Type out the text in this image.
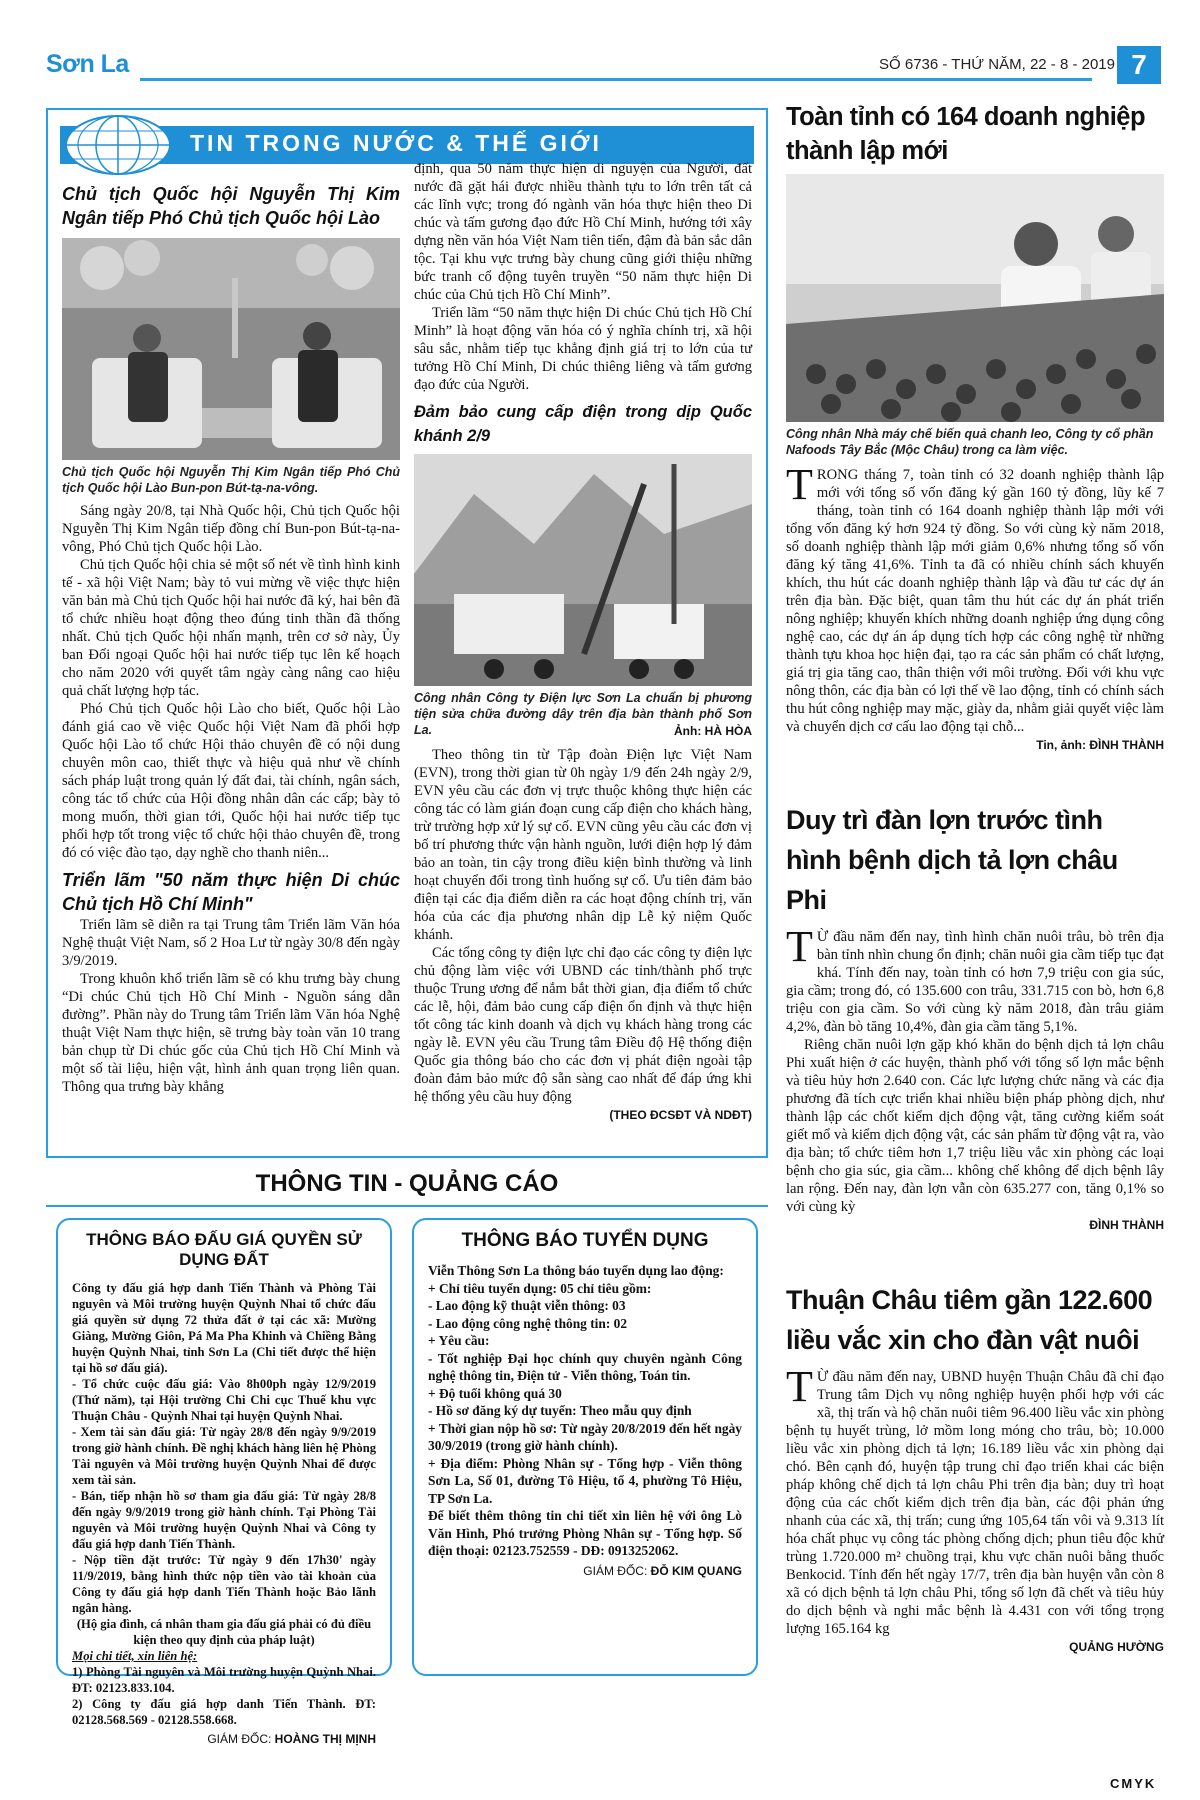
Sơn La	SỐ 6736 - THỨ NĂM, 22 - 8 - 2019 7
TIN TRONG NƯỚC & THẾ GIỚI
Chủ tịch Quốc hội Nguyễn Thị Kim Ngân tiếp Phó Chủ tịch Quốc hội Lào
Chủ tịch Quốc hội Nguyễn Thị Kim Ngân tiếp Phó Chủ tịch Quốc hội Lào Bun-pon Bút-tạ-na-vông.

Sáng ngày 20/8, tại Nhà Quốc hội, Chủ tịch Quốc hội Nguyễn Thị Kim Ngân tiếp đồng chí Bun-pon Bút-tạ-na-vông, Phó Chủ tịch Quốc hội Lào.

Chủ tịch Quốc hội chia sẻ một số nét về tình hình kinh tế - xã hội Việt Nam; bày tỏ vui mừng về việc thực hiện văn bản mà Chủ tịch Quốc hội hai nước đã ký, hai bên đã tổ chức nhiều hoạt động theo đúng tinh thần đã thống nhất. Chủ tịch Quốc hội nhấn mạnh, trên cơ sở này, Ủy ban Đối ngoại Quốc hội hai nước tiếp tục lên kế hoạch cho năm 2020 với quyết tâm ngày càng nâng cao hiệu quả chất lượng hợp tác.

Phó Chủ tịch Quốc hội Lào cho biết, Quốc hội Lào đánh giá cao về việc Quốc hội Việt Nam đã phối hợp Quốc hội Lào tổ chức Hội thảo chuyên đề có nội dung chuyên môn cao, thiết thực và hiệu quả như về chính sách pháp luật trong quản lý đất đai, tài chính, ngân sách, công tác tổ chức của Hội đồng nhân dân các cấp; bày tỏ mong muốn, thời gian tới, Quốc hội hai nước tiếp tục phối hợp tốt trong việc tổ chức hội thảo chuyên đề, trong đó có việc đào tạo, dạy nghề cho thanh niên...

Triển lãm "50 năm thực hiện Di chúc Chủ tịch Hồ Chí Minh"

Triển lãm sẽ diễn ra tại Trung tâm Triển lãm Văn hóa Nghệ thuật Việt Nam, số 2 Hoa Lư từ ngày 30/8 đến ngày 3/9/2019.

Trong khuôn khổ triển lãm sẽ có khu trưng bày chung “Di chúc Chủ tịch Hồ Chí Minh - Nguồn sáng dẫn đường”. Phần này do Trung tâm Triển lãm Văn hóa Nghệ thuật Việt Nam thực hiện, sẽ trưng bày toàn văn 10 trang bản chụp từ Di chúc gốc của Chủ tịch Hồ Chí Minh và một số tài liệu, hiện vật, hình ảnh quan trọng liên quan. Thông qua trưng bày khẳng

định, qua 50 năm thực hiện di nguyện của Người, đất nước đã gặt hái được nhiều thành tựu to lớn trên tất cả các lĩnh vực; trong đó ngành văn hóa thực hiện theo Di chúc và tấm gương đạo đức Hồ Chí Minh, hướng tới xây dựng nền văn hóa Việt Nam tiên tiến, đậm đà bản sắc dân tộc. Tại khu vực trưng bày chung cũng giới thiệu những bức tranh cổ động tuyên truyền “50 năm thực hiện Di chúc của Chủ tịch Hồ Chí Minh”.

Triển lãm “50 năm thực hiện Di chúc Chủ tịch Hồ Chí Minh” là hoạt động văn hóa có ý nghĩa chính trị, xã hội sâu sắc, nhằm tiếp tục khẳng định giá trị to lớn của tư tưởng Hồ Chí Minh, Di chúc thiêng liêng và tấm gương đạo đức của Người.

Đảm bảo cung cấp điện trong dịp Quốc khánh 2/9
Công nhân Công ty Điện lực Sơn La chuẩn bị phương tiện sửa chữa đường dây trên địa bàn thành phố Sơn La.	Ảnh: HÀ HÒA

Theo thông tin từ Tập đoàn Điện lực Việt Nam (EVN), trong thời gian từ 0h ngày 1/9 đến 24h ngày 2/9, EVN yêu cầu các đơn vị trực thuộc không thực hiện các công tác có làm gián đoạn cung cấp điện cho khách hàng, trừ trường hợp xử lý sự cố. EVN cũng yêu cầu các đơn vị bố trí phương thức vận hành nguồn, lưới điện hợp lý đảm bảo an toàn, tin cậy trong điều kiện bình thường và linh hoạt chuyển đổi trong tình huống sự cố. Ưu tiên đảm bảo điện tại các địa điểm diễn ra các hoạt động chính trị, văn hóa của các địa phương nhân dịp Lễ kỷ niệm Quốc khánh.

Các tổng công ty điện lực chỉ đạo các công ty điện lực chủ động làm việc với UBND các tỉnh/thành phố trực thuộc Trung ương để nắm bắt thời gian, địa điểm tổ chức các lễ, hội, đảm bảo cung cấp điện ổn định và thực hiện tốt công tác kinh doanh và dịch vụ khách hàng trong các ngày lễ. EVN yêu cầu Trung tâm Điều độ Hệ thống điện Quốc gia thông báo cho các đơn vị phát điện ngoài tập đoàn đảm bảo mức độ sẵn sàng cao nhất để đáp ứng khi hệ thống yêu cầu huy động

(THEO ĐCSĐT VÀ NDĐT)
THÔNG TIN - QUẢNG CÁO
THÔNG BÁO ĐẤU GIÁ QUYỀN SỬ DỤNG ĐẤT
Công ty đấu giá hợp danh Tiến Thành và Phòng Tài nguyên và Môi trường huyện Quỳnh Nhai tổ chức đấu giá quyền sử dụng 72 thửa đất ở tại các xã: Mường Giàng, Mường Giôn, Pá Ma Pha Khinh và Chiềng Bằng huyện Quỳnh Nhai, tỉnh Sơn La (Chi tiết được thể hiện tại hồ sơ đấu giá).
- Tổ chức cuộc đấu giá: Vào 8h00ph ngày 12/9/2019 (Thứ năm), tại Hội trường Chi Chi cục Thuế khu vực Thuận Châu - Quỳnh Nhai tại huyện Quỳnh Nhai.
- Xem tài sản đấu giá: Từ ngày 28/8 đến ngày 9/9/2019 trong giờ hành chính. Đề nghị khách hàng liên hệ Phòng Tài nguyên và Môi trường huyện Quỳnh Nhai để được xem tài sản.
- Bán, tiếp nhận hồ sơ tham gia đấu giá: Từ ngày 28/8 đến ngày 9/9/2019 trong giờ hành chính. Tại Phòng Tài nguyên và Môi trường huyện Quỳnh Nhai và Công ty đấu giá hợp danh Tiến Thành.
- Nộp tiền đặt trước: Từ ngày 9 đến 17h30' ngày 11/9/2019, bằng hình thức nộp tiền vào tài khoản của Công ty đấu giá hợp danh Tiến Thành hoặc Bảo lãnh ngân hàng.
(Hộ gia đình, cá nhân tham gia đấu giá phải có đủ điều kiện theo quy định của pháp luật)
Mọi chi tiết, xin liên hệ:
1) Phòng Tài nguyên và Môi trường huyện Quỳnh Nhai. ĐT: 02123.833.104.
2) Công ty đấu giá hợp danh Tiến Thành. ĐT: 02128.568.569 - 02128.558.668.
GIÁM ĐỐC: HOÀNG THỊ MỊNH
THÔNG BÁO TUYỂN DỤNG
Viễn Thông Sơn La thông báo tuyển dụng lao động:
+ Chỉ tiêu tuyển dụng: 05 chỉ tiêu gồm:
- Lao động kỹ thuật viễn thông: 03
- Lao động công nghệ thông tin: 02
+ Yêu cầu:
- Tốt nghiệp Đại học chính quy chuyên ngành Công nghệ thông tin, Điện tử - Viễn thông, Toán tin.
+ Độ tuổi không quá 30
- Hồ sơ đăng ký dự tuyển: Theo mẫu quy định
+ Thời gian nộp hồ sơ: Từ ngày 20/8/2019 đến hết ngày 30/9/2019 (trong giờ hành chính).
+ Địa điểm: Phòng Nhân sự - Tổng hợp - Viễn thông Sơn La, Số 01, đường Tô Hiệu, tổ 4, phường Tô Hiệu, TP Sơn La.
Để biết thêm thông tin chi tiết xin liên hệ với ông Lò Văn Hình, Phó trưởng Phòng Nhân sự - Tổng hợp. Số điện thoại: 02123.752559 - DĐ: 0913252062.
GIÁM ĐỐC: ĐỖ KIM QUANG
Toàn tỉnh có 164 doanh nghiệp thành lập mới
Công nhân Nhà máy chế biến quả chanh leo, Công ty cổ phần Nafoods Tây Bắc (Mộc Châu) trong ca làm việc.
TRONG tháng 7, toàn tỉnh có 32 doanh nghiệp thành lập mới với tổng số vốn đăng ký gần 160 tỷ đồng, lũy kế 7 tháng, toàn tỉnh có 164 doanh nghiệp thành lập mới với tổng vốn đăng ký hơn 924 tỷ đồng. So với cùng kỳ năm 2018, số doanh nghiệp thành lập mới giảm 0,6% nhưng tổng số vốn đăng ký tăng 41,6%. Tỉnh ta đã có nhiều chính sách khuyến khích, thu hút các doanh nghiệp thành lập và đầu tư các dự án trên địa bàn. Đặc biệt, quan tâm thu hút các dự án phát triển nông nghiệp; khuyến khích những doanh nghiệp ứng dụng công nghệ cao, các dự án áp dụng tích hợp các công nghệ từ những thành tựu khoa học hiện đại, tạo ra các sản phẩm có chất lượng, giá trị gia tăng cao, thân thiện với môi trường. Đối với khu vực nông thôn, các địa bàn có lợi thế về lao động, tỉnh có chính sách thu hút công nghiệp may mặc, giày da, nhằm giải quyết việc làm và chuyển dịch cơ cấu lao động tại chỗ...
Tin, ảnh: ĐÌNH THÀNH
Duy trì đàn lợn trước tình hình bệnh dịch tả lợn châu Phi
T Ừ đầu năm đến nay, tình hình chăn nuôi trâu, bò trên địa bàn tỉnh nhìn chung ổn định; chăn nuôi gia cầm tiếp tục đạt khá. Tính đến nay, toàn tỉnh có hơn 7,9 triệu con gia súc, gia cầm; trong đó, có 135.600 con trâu, 331.715 con bò, hơn 6,8 triệu con gia cầm. So với cùng kỳ năm 2018, đàn trâu giảm 4,2%, đàn bò tăng 10,4%, đàn gia cầm tăng 5,1%.

Riêng chăn nuôi lợn gặp khó khăn do bệnh dịch tả lợn châu Phi xuất hiện ở các huyện, thành phố với tổng số lợn mắc bệnh và tiêu hủy hơn 2.640 con. Các lực lượng chức năng và các địa phương đã tích cực triển khai nhiều biện pháp phòng dịch, như thành lập các chốt kiểm dịch động vật, tăng cường kiểm soát giết mổ và kiểm dịch động vật, các sản phẩm từ động vật ra, vào địa bàn; tổ chức tiêm hơn 1,7 triệu liều vắc xin phòng các loại bệnh cho gia súc, gia cầm... không chế không để dịch bệnh lây lan rộng. Đến nay, đàn lợn vẫn còn 635.277 con, tăng 0,1% so với cùng kỳ

ĐÌNH THÀNH
Thuận Châu tiêm gần 122.600 liều vắc xin cho đàn vật nuôi
T Ừ đầu năm đến nay, UBND huyện Thuận Châu đã chỉ đạo Trung tâm Dịch vụ nông nghiệp huyện phối hợp với các xã, thị trấn và hộ chăn nuôi tiêm 96.400 liều vắc xin phòng bệnh tụ huyết trùng, lở mồm long móng cho trâu, bò; 10.000 liều vắc xin phòng dịch tả lợn; 16.189 liều vắc xin phòng dại chó. Bên cạnh đó, huyện tập trung chỉ đạo triển khai các biện pháp không chế dịch tả lợn châu Phi trên địa bàn; duy trì hoạt động của các chốt kiểm dịch trên địa bàn, các đội phản ứng nhanh của các xã, thị trấn; cung ứng 105,64 tấn vôi và 9.313 lít hóa chất phục vụ công tác phòng chống dịch; phun tiêu độc khử trùng 1.720.000 m² chuồng trại, khu vực chăn nuôi bằng thuốc Benkocid. Tính đến hết ngày 17/7, trên địa bàn huyện vẫn còn 8 xã có dịch bệnh tả lợn châu Phi, tổng số lợn đã chết và tiêu hủy do dịch bệnh và nghi mắc bệnh là 4.431 con với tổng trọng lượng 165.164 kg
QUẢNG HƯỜNG
CMYK
